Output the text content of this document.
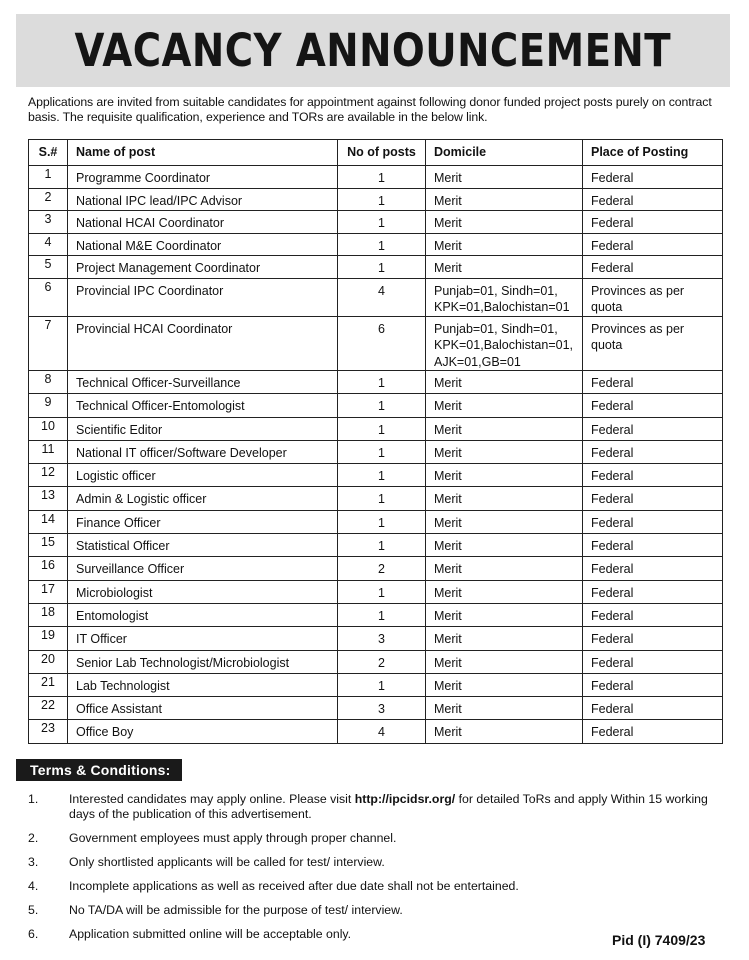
VACANCY ANNOUNCEMENT
Applications are invited from suitable candidates for appointment against following donor funded project posts purely on contract basis. The requisite qualification, experience and TORs are available in the below link.
S.#	Name of post	No of posts	Domicile	Place of Posting
1	Programme Coordinator	1	Merit	Federal
2	National IPC lead/IPC Advisor	1	Merit	Federal
3	National HCAI Coordinator	1	Merit	Federal
4	National M&E Coordinator	1	Merit	Federal
5	Project Management Coordinator	1	Merit	Federal
6	Provincial IPC Coordinator	4	Punjab=01, Sindh=01, KPK=01,Balochistan=01	Provinces as per quota
7	Provincial HCAI Coordinator	6	Punjab=01, Sindh=01, KPK=01,Balochistan=01, AJK=01,GB=01	Provinces as per quota
8	Technical Officer-Surveillance	1	Merit	Federal
9	Technical Officer-Entomologist	1	Merit	Federal
10	Scientific Editor	1	Merit	Federal
11	National IT officer/Software Developer	1	Merit	Federal
12	Logistic officer	1	Merit	Federal
13	Admin & Logistic officer	1	Merit	Federal
14	Finance Officer	1	Merit	Federal
15	Statistical Officer	1	Merit	Federal
16	Surveillance Officer	2	Merit	Federal
17	Microbiologist	1	Merit	Federal
18	Entomologist	1	Merit	Federal
19	IT Officer	3	Merit	Federal
20	Senior Lab Technologist/Microbiologist	2	Merit	Federal
21	Lab Technologist	1	Merit	Federal
22	Office Assistant	3	Merit	Federal
23	Office Boy	4	Merit	Federal
Terms & Conditions:
1.	Interested candidates may apply online. Please visit http://ipcidsr.org/ for detailed ToRs and apply Within 15 working days of the publication of this advertisement.
2.	Government employees must apply through proper channel.
3.	Only shortlisted applicants will be called for test/ interview.
4.	Incomplete applications as well as received after due date shall not be entertained.
5.	No TA/DA will be admissible for the purpose of test/ interview.
6.	Application submitted online will be acceptable only.	Pid (I) 7409/23
